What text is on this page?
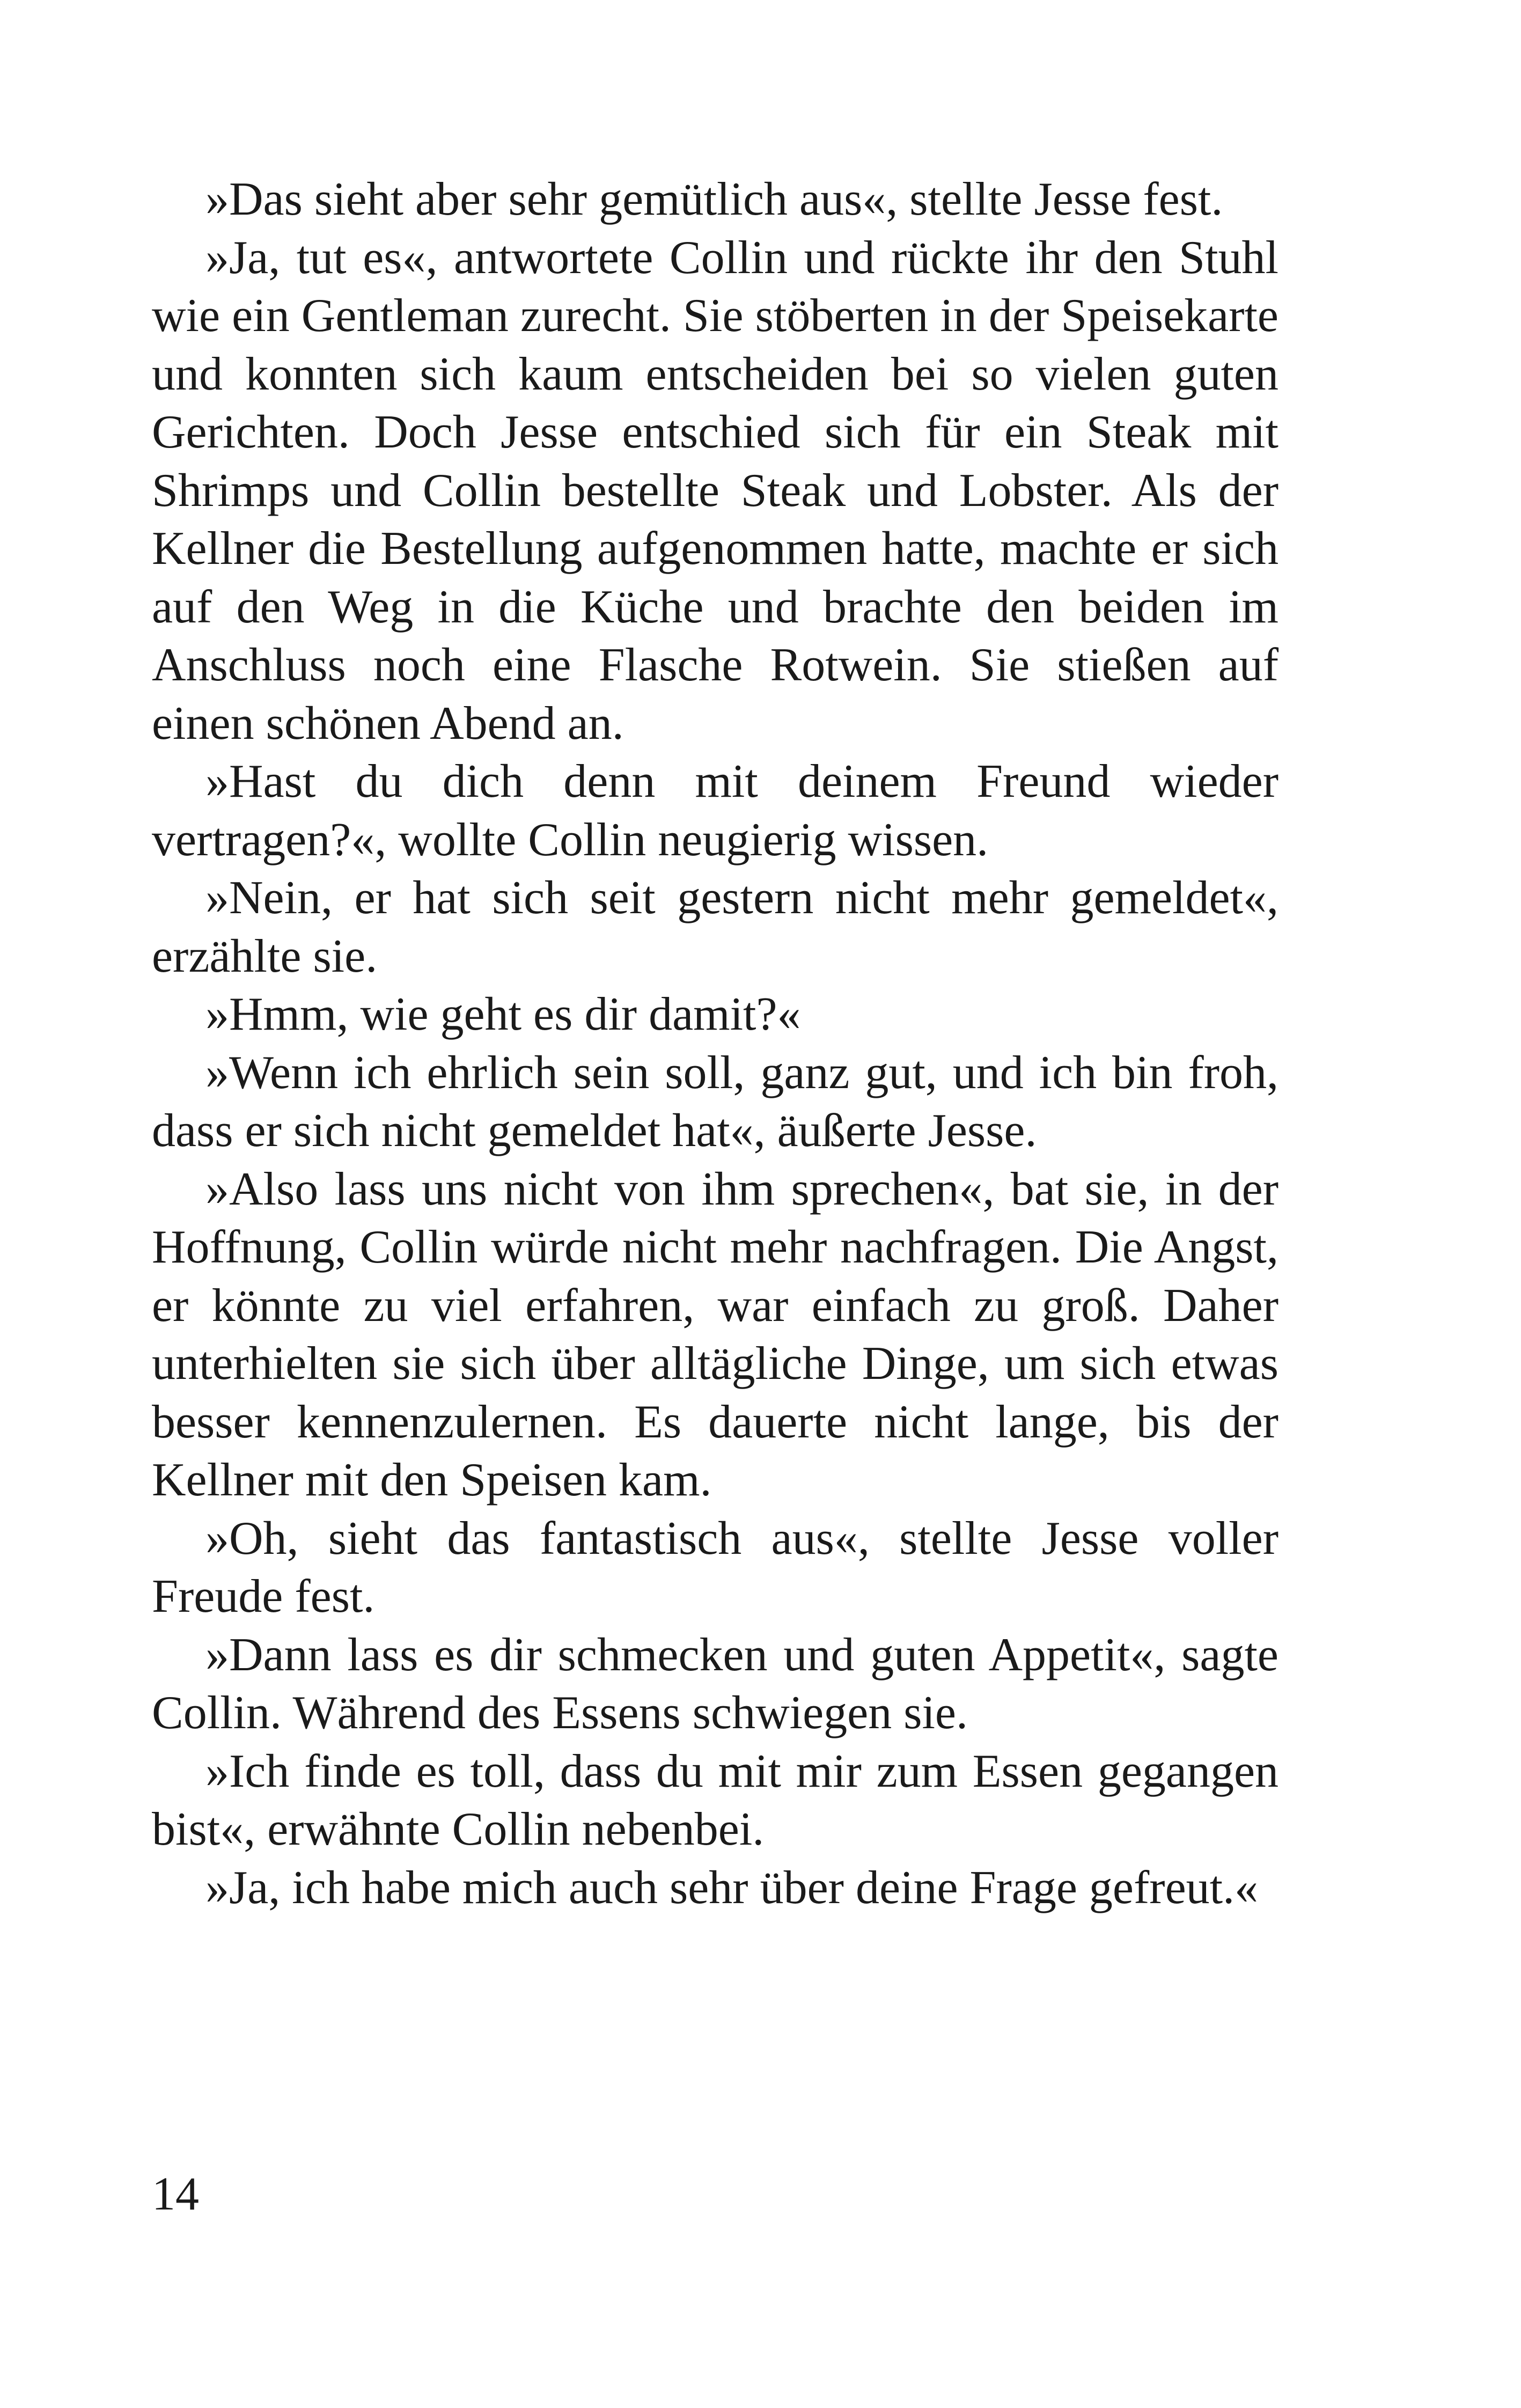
»Das sieht aber sehr gemütlich aus«, stellte Jesse fest.

»Ja, tut es«, antwortete Collin und rückte ihr den Stuhl wie ein Gentleman zurecht. Sie stöberten in der Speisekarte und konnten sich kaum entscheiden bei so vielen guten Gerichten. Doch Jesse entschied sich für ein Steak mit Shrimps und Collin bestellte Steak und Lobster. Als der Kellner die Bestellung aufgenommen hatte, machte er sich auf den Weg in die Küche und brachte den beiden im Anschluss noch eine Flasche Rotwein. Sie stießen auf einen schönen Abend an.

»Hast du dich denn mit deinem Freund wieder vertragen?«, wollte Collin neugierig wissen.

»Nein, er hat sich seit gestern nicht mehr gemeldet«, erzählte sie.

»Hmm, wie geht es dir damit?«

»Wenn ich ehrlich sein soll, ganz gut, und ich bin froh, dass er sich nicht gemeldet hat«, äußerte Jesse.

»Also lass uns nicht von ihm sprechen«, bat sie, in der Hoffnung, Collin würde nicht mehr nachfragen. Die Angst, er könnte zu viel erfahren, war einfach zu groß. Daher unterhielten sie sich über alltägliche Dinge, um sich etwas besser kennenzulernen. Es dauerte nicht lange, bis der Kellner mit den Speisen kam.

»Oh, sieht das fantastisch aus«, stellte Jesse voller Freude fest.

»Dann lass es dir schmecken und guten Appetit«, sagte Collin. Während des Essens schwiegen sie.

»Ich finde es toll, dass du mit mir zum Essen gegangen bist«, erwähnte Collin nebenbei.

»Ja, ich habe mich auch sehr über deine Frage gefreut.«

14
